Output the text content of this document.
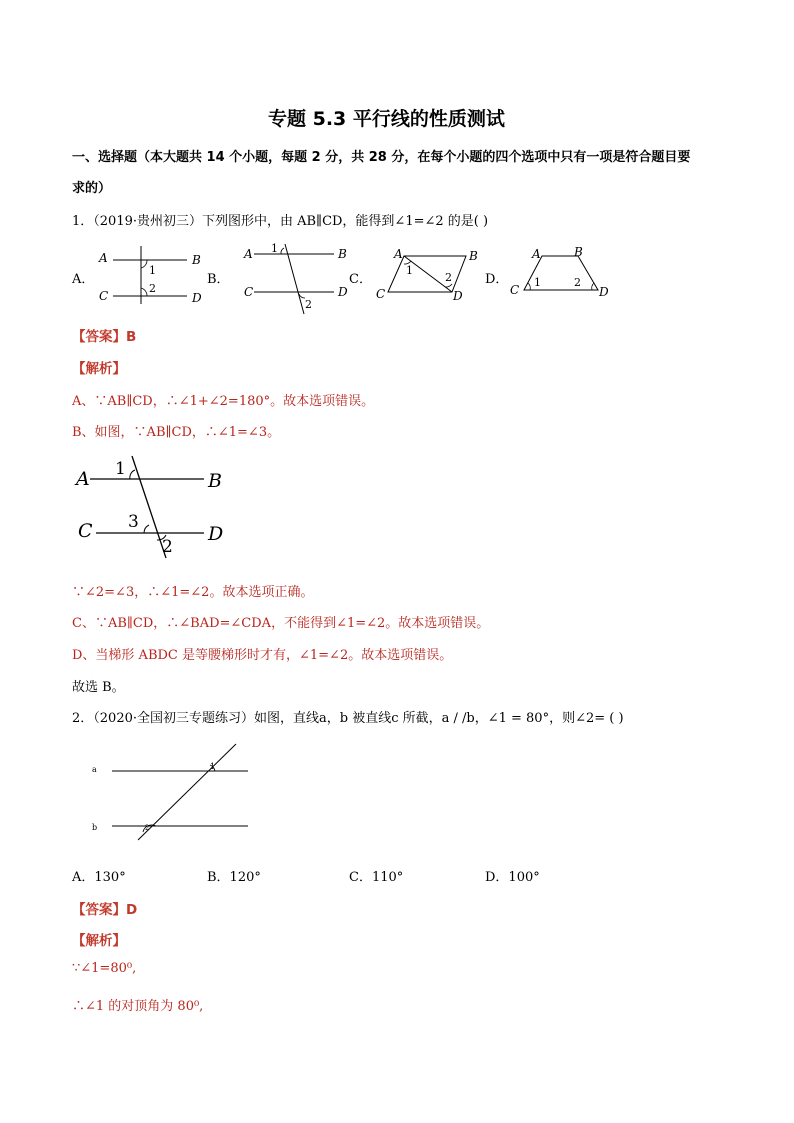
专题 5.3 平行线的性质测试
一、选择题（本大题共 14 个小题，每题 2 分，共 28 分，在每个小题的四个选项中只有一项是符合题目要
求的）
1．（2019·贵州初三）下列图形中，由 AB∥CD，能得到∠1=∠2 的是( )
A．	B．	C．	D．
A	B
C	D
1
2
A	B
C	D
1
2
A	B
C	D
1
2
A	B
C	D
1	2
【答案】B
【解析】
A、∵AB∥CD，∴∠1+∠2=180°。故本选项错误。
B、如图，∵AB∥CD，∴∠1=∠3。
A	B
C	D
1
3
2
∵∠2=∠3，∴∠1=∠2。故本选项正确。
C、∵AB∥CD，∴∠BAD=∠CDA，不能得到∠1=∠2。故本选项错误。
D、当梯形 ABDC 是等腰梯形时才有，∠1=∠2。故本选项错误。
故选 B。
2．（2020·全国初三专题练习）如图，直线a，b 被直线c 所截，a / /b，∠1 = 80°，则∠2= ( )
a
b
1
2
A．130°	B．120°	C．110°	D．100°
【答案】D
【解析】
∵∠1=80⁰,
∴∠1 的对顶角为 80⁰,
